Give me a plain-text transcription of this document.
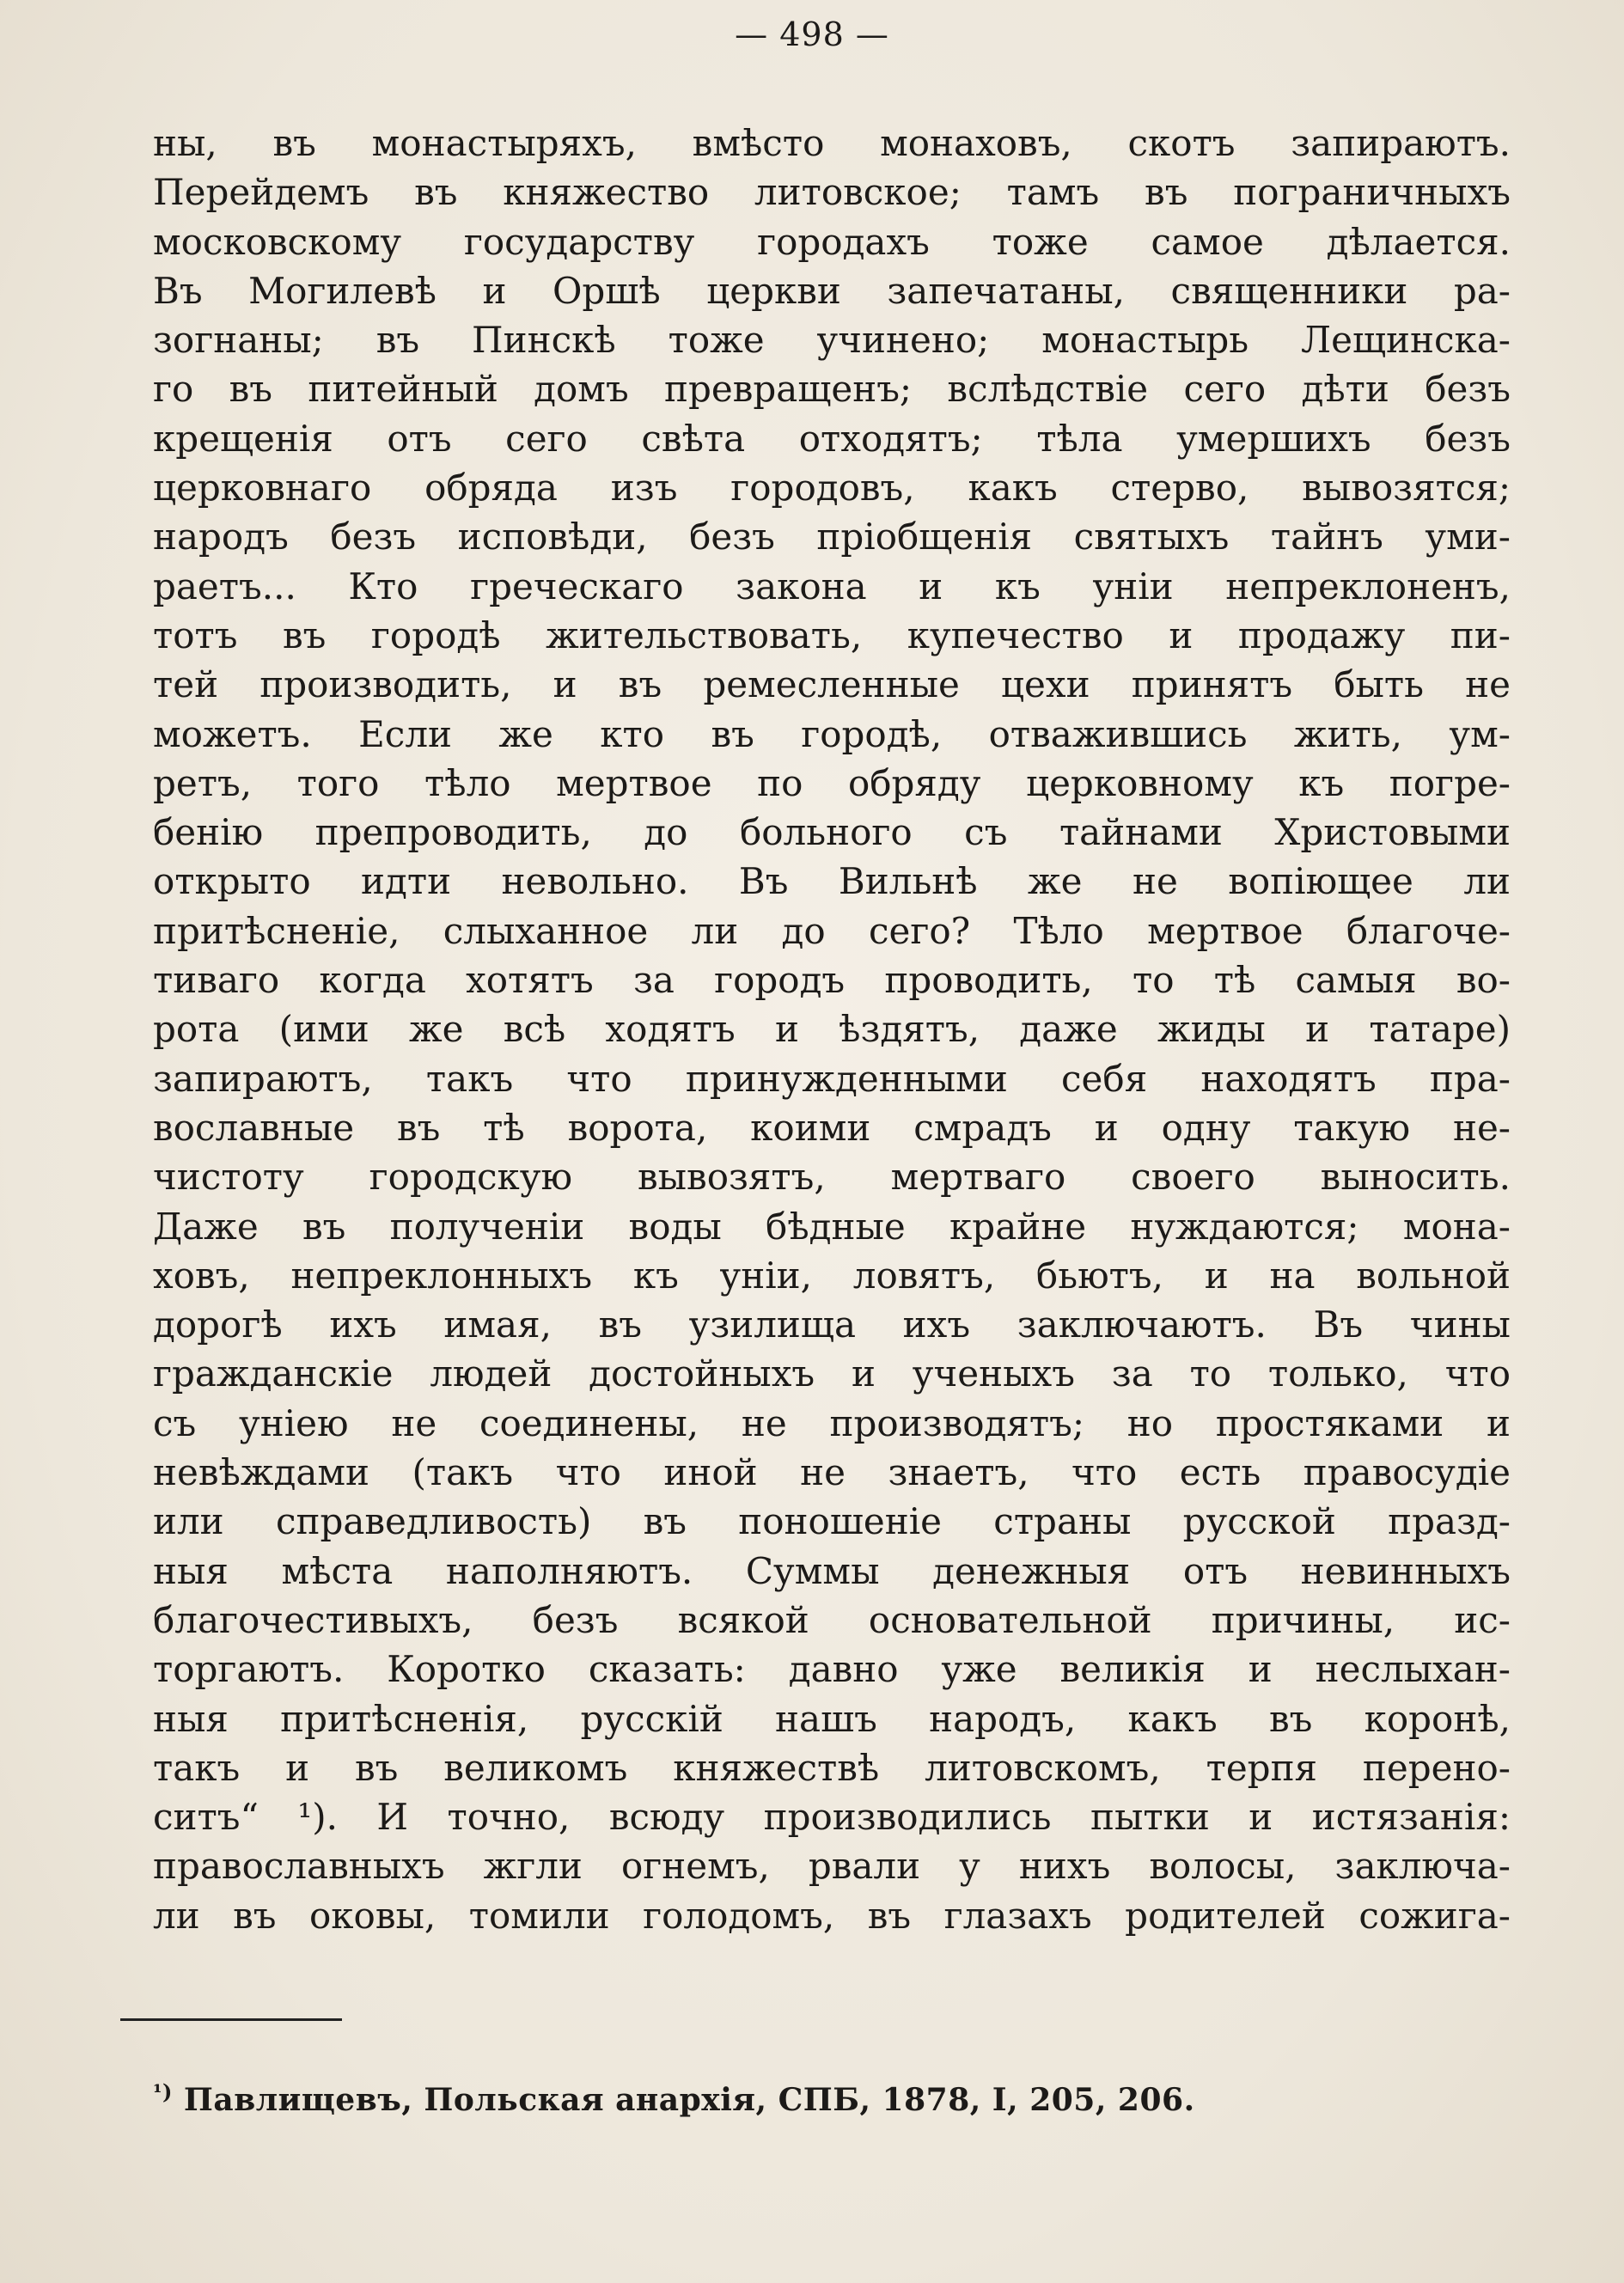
— 498 —
ны, въ монастыряхъ, вмѣсто монаховъ, скотъ запираютъ.
Перейдемъ въ княжество литовское; тамъ въ пограничныхъ
московскому государству городахъ тоже самое дѣлается.
Въ Могилевѣ и Оршѣ церкви запечатаны, священники ра-
зогнаны; въ Пинскѣ тоже учинено; монастырь Лещинска-
го въ питейный домъ превращенъ; вслѣдствіе сего дѣти безъ
крещенія отъ сего свѣта отходятъ; тѣла умершихъ безъ
церковнаго обряда изъ городовъ, какъ стерво, вывозятся;
народъ безъ исповѣди, безъ пріобщенія святыхъ тайнъ уми-
раетъ... Кто греческаго закона и къ уніи непреклоненъ,
тотъ въ городѣ жительствовать, купечество и продажу пи-
тей производить, и въ ремесленные цехи принятъ быть не
можетъ. Если же кто въ городѣ, отважившись жить, ум-
ретъ, того тѣло мертвое по обряду церковному къ погре-
бенію препроводить, до больного съ тайнами Христовыми
открыто идти невольно. Въ Вильнѣ же не вопіющее ли
притѣсненіе, слыханное ли до сего? Тѣло мертвое благоче-
тиваго когда хотятъ за городъ проводить, то тѣ самыя во-
рота (ими же всѣ ходятъ и ѣздятъ, даже жиды и татаре)
запираютъ, такъ что принужденными себя находятъ пра-
вославные въ тѣ ворота, коими смрадъ и одну такую не-
чистоту городскую вывозятъ, мертваго своего выносить.
Даже въ полученіи воды бѣдные крайне нуждаются; мона-
ховъ, непреклонныхъ къ уніи, ловятъ, бьютъ, и на вольной
дорогѣ ихъ имая, въ узилища ихъ заключаютъ. Въ чины
гражданскіе людей достойныхъ и ученыхъ за то только, что
съ уніею не соединены, не производятъ; но простяками и
невѣждами (такъ что иной не знаетъ, что есть правосудіе
или справедливость) въ поношеніе страны русской празд-
ныя мѣста наполняютъ. Суммы денежныя отъ невинныхъ
благочестивыхъ, безъ всякой основательной причины, ис-
торгаютъ. Коротко сказать: давно уже великія и неслыхан-
ныя притѣсненія, русскій нашъ народъ, какъ въ коронѣ,
такъ и въ великомъ княжествѣ литовскомъ, терпя перено-
ситъ“ ¹). И точно, всюду производились пытки и истязанія:
православныхъ жгли огнемъ, рвали у нихъ волосы, заключа-
ли въ оковы, томили голодомъ, въ глазахъ родителей сожига-
$^{^1)}$ Павлищевъ, Польская анархія, СПБ, 1878, I, 205, 206.
